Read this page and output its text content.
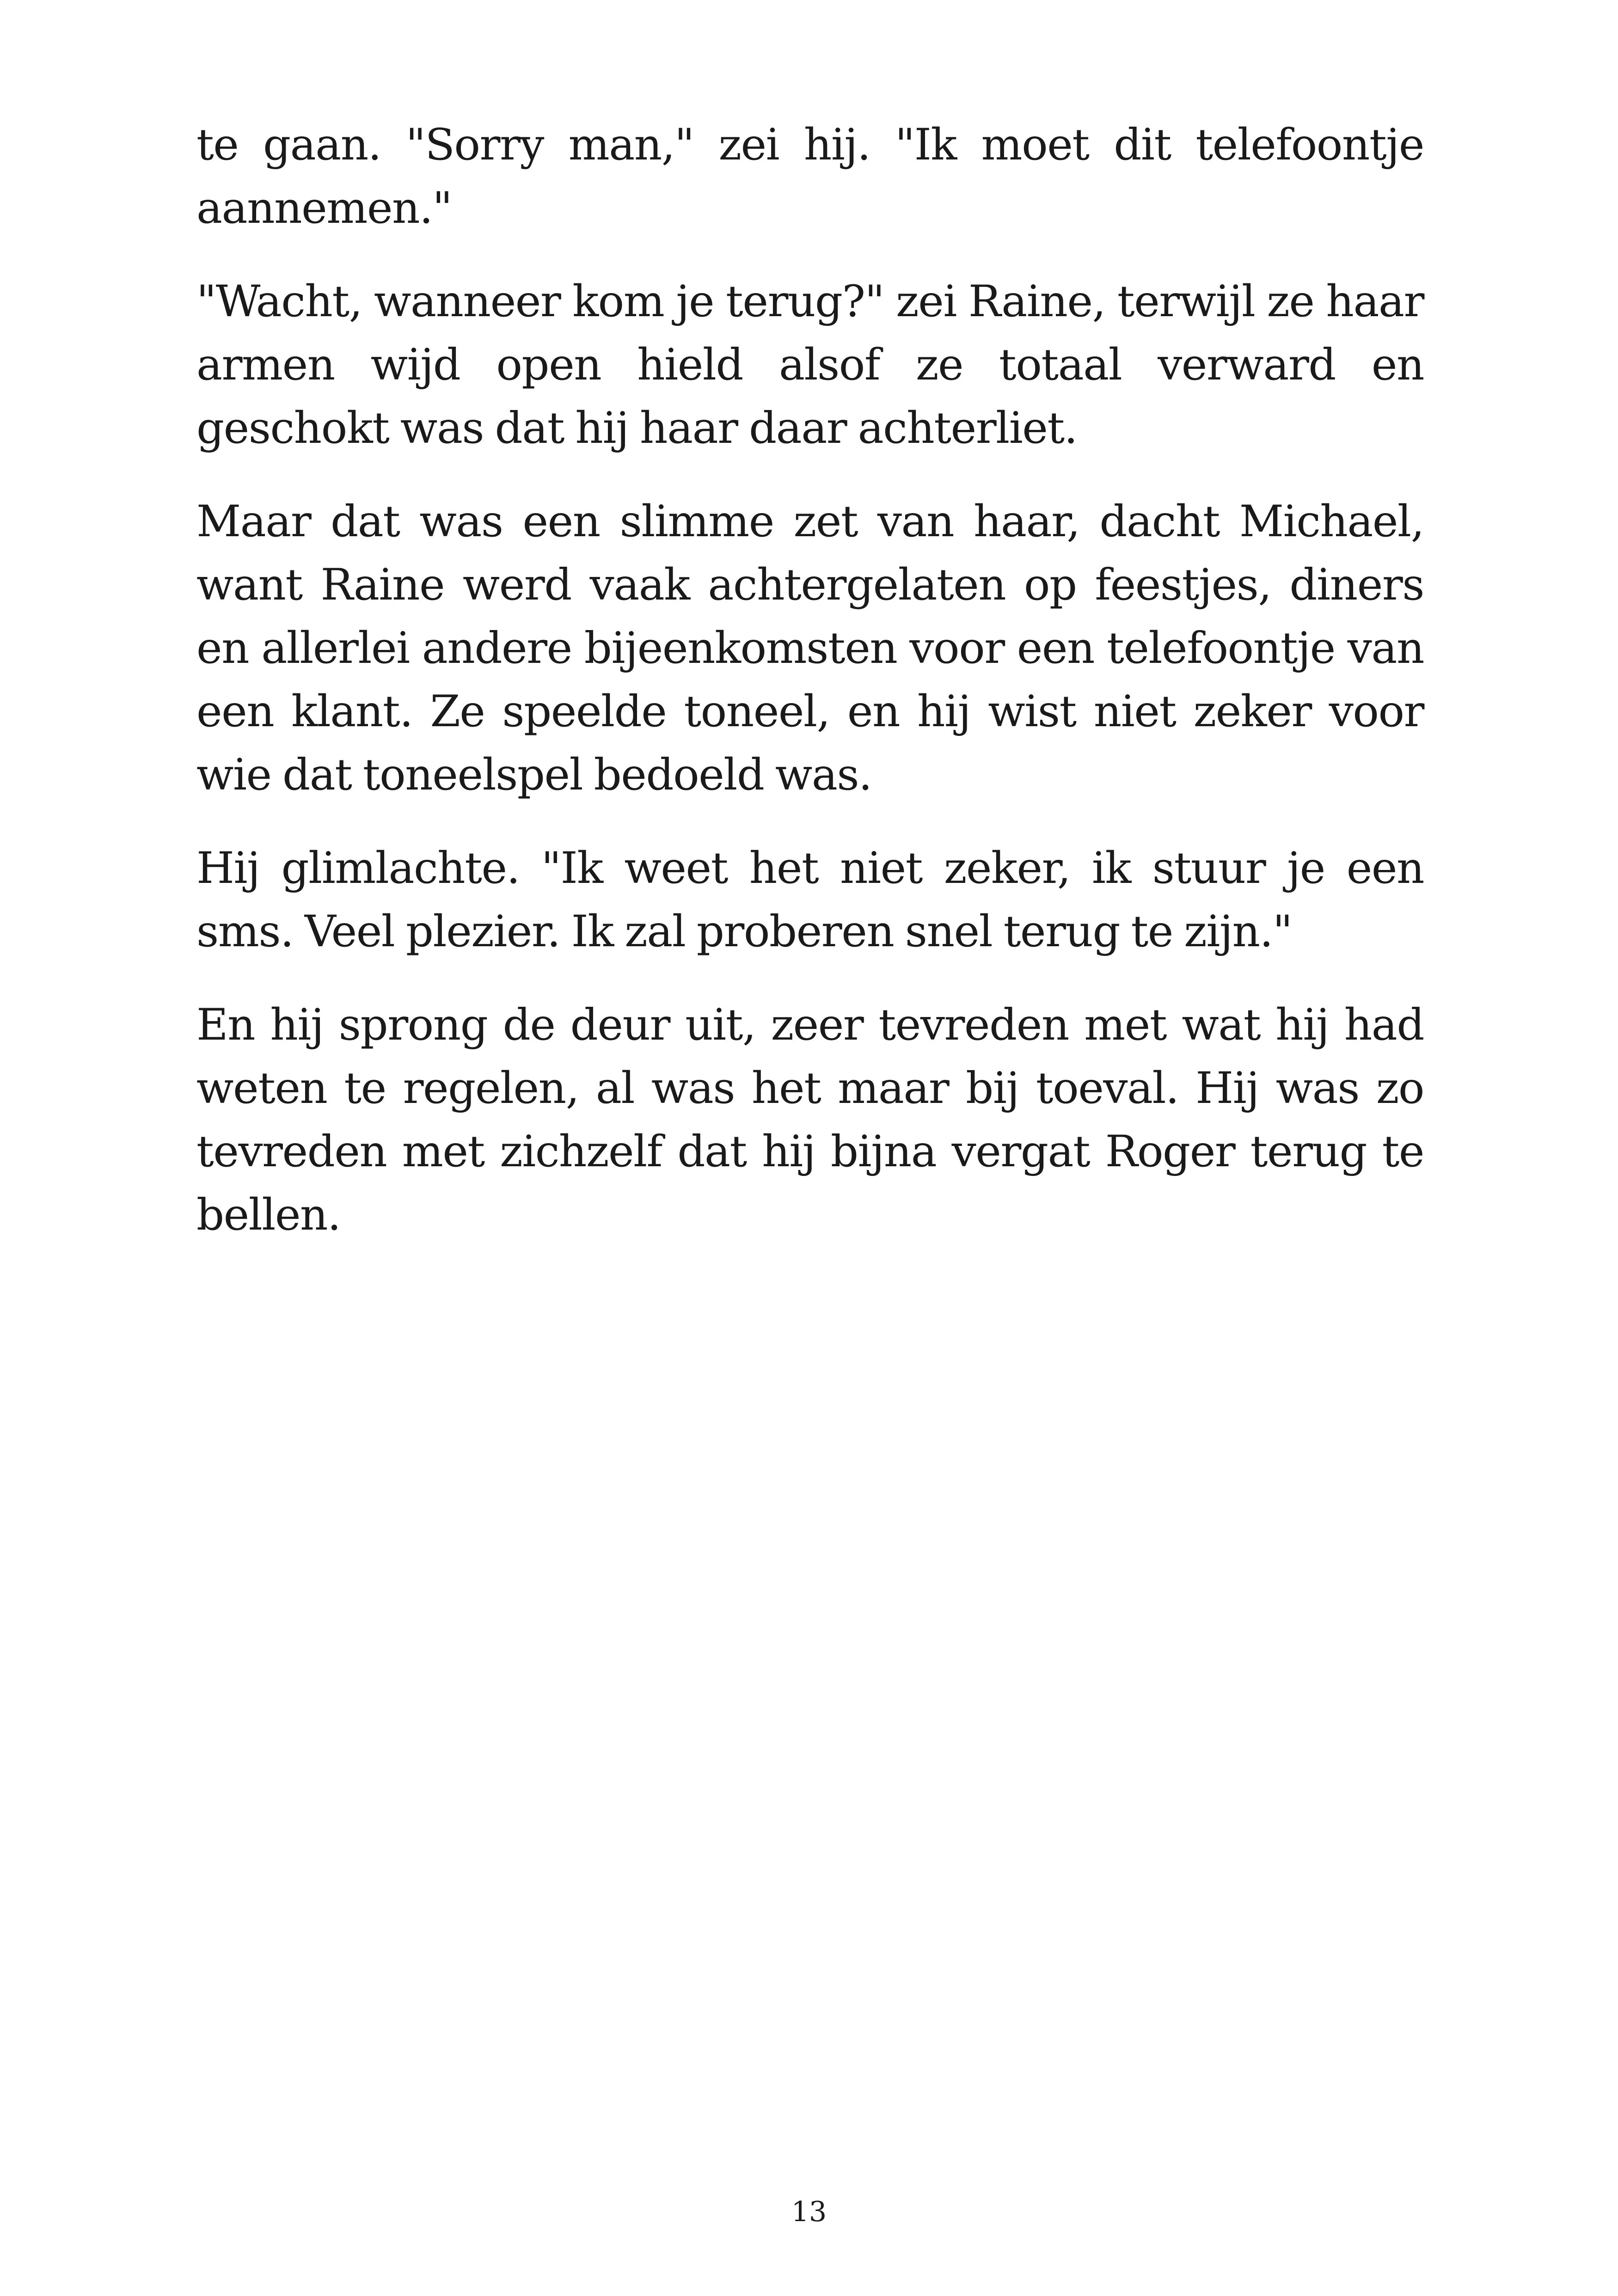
te gaan. "Sorry man," zei hij. "Ik moet dit telefoontje aannemen."

"Wacht, wanneer kom je terug?" zei Raine, terwijl ze haar armen wijd open hield alsof ze totaal verward en geschokt was dat hij haar daar achterliet.

Maar dat was een slimme zet van haar, dacht Michael, want Raine werd vaak achtergelaten op feestjes, diners en allerlei andere bijeenkomsten voor een telefoontje van een klant. Ze speelde toneel, en hij wist niet zeker voor wie dat toneelspel bedoeld was.

Hij glimlachte. "Ik weet het niet zeker, ik stuur je een sms. Veel plezier. Ik zal proberen snel terug te zijn."

En hij sprong de deur uit, zeer tevreden met wat hij had weten te regelen, al was het maar bij toeval. Hij was zo tevreden met zichzelf dat hij bijna vergat Roger terug te bellen.

13
